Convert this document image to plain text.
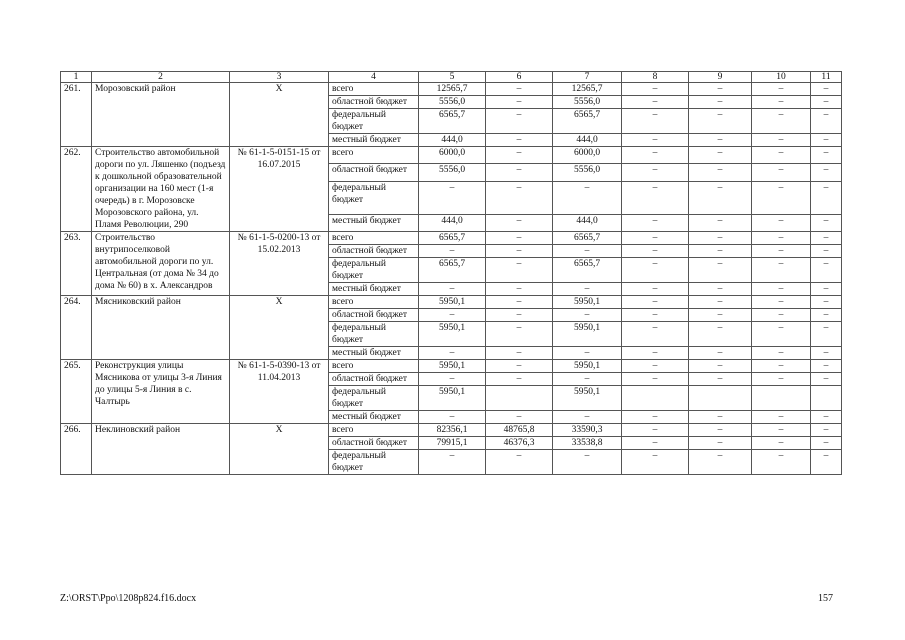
1	2	3	4	5	6	7	8	9	10	11
261.	Морозовский район	X	всего	12565,7	–	12565,7	–	–	–	–
			областной бюджет	5556,0	–	5556,0	–	–	–	–
			федеральный бюджет	6565,7	–	6565,7	–	–	–	–
			местный бюджет	444,0	–	444,0	–	–	–	–
262.	Строительство автомобильной дороги по ул. Ляшенко (подъезд к дошкольной образовательной организации на 160 мест (1-я очередь) в г. Морозовске Морозовского района, ул. Пламя Революции, 290	№ 61-1-5-0151-15 от 16.07.2015	всего	6000,0	–	6000,0	–	–	–	–
			областной бюджет	5556,0	–	5556,0	–	–	–	–
			федеральный бюджет	–	–	–	–	–	–	–
			местный бюджет	444,0	–	444,0	–	–	–	–
263.	Строительство внутрипоселковой автомобильной дороги по ул. Центральная (от дома № 34 до дома № 60) в х. Александров	№ 61-1-5-0200-13 от 15.02.2013	всего	6565,7	–	6565,7	–	–	–	–
			областной бюджет	–	–	–	–	–	–	–
			федеральный бюджет	6565,7	–	6565,7	–	–	–	–
			местный бюджет	–	–	–	–	–	–	–
264.	Мясниковский район	X	всего	5950,1	–	5950,1	–	–	–	–
			областной бюджет	–	–	–	–	–	–	–
			федеральный бюджет	5950,1	–	5950,1	–	–	–	–
			местный бюджет	–	–	–	–	–	–	–
265.	Реконструкция улицы Мясникова от улицы 3-я Линия до улицы 5-я Линия в с. Чалтырь	№ 61-1-5-0390-13 от 11.04.2013	всего	5950,1	–	5950,1	–	–	–	–
			областной бюджет	–	–	–	–	–	–	–
			федеральный бюджет	5950,1		5950,1				
			местный бюджет	–	–	–	–	–	–	–
266.	Неклиновский район	X	всего	82356,1	48765,8	33590,3	–	–	–	–
			областной бюджет	79915,1	46376,3	33538,8	–	–	–	–
			федеральный бюджет	–	–	–	–	–	–	–
Z:\ORST\Ppo\1208p824.f16.docx	157
